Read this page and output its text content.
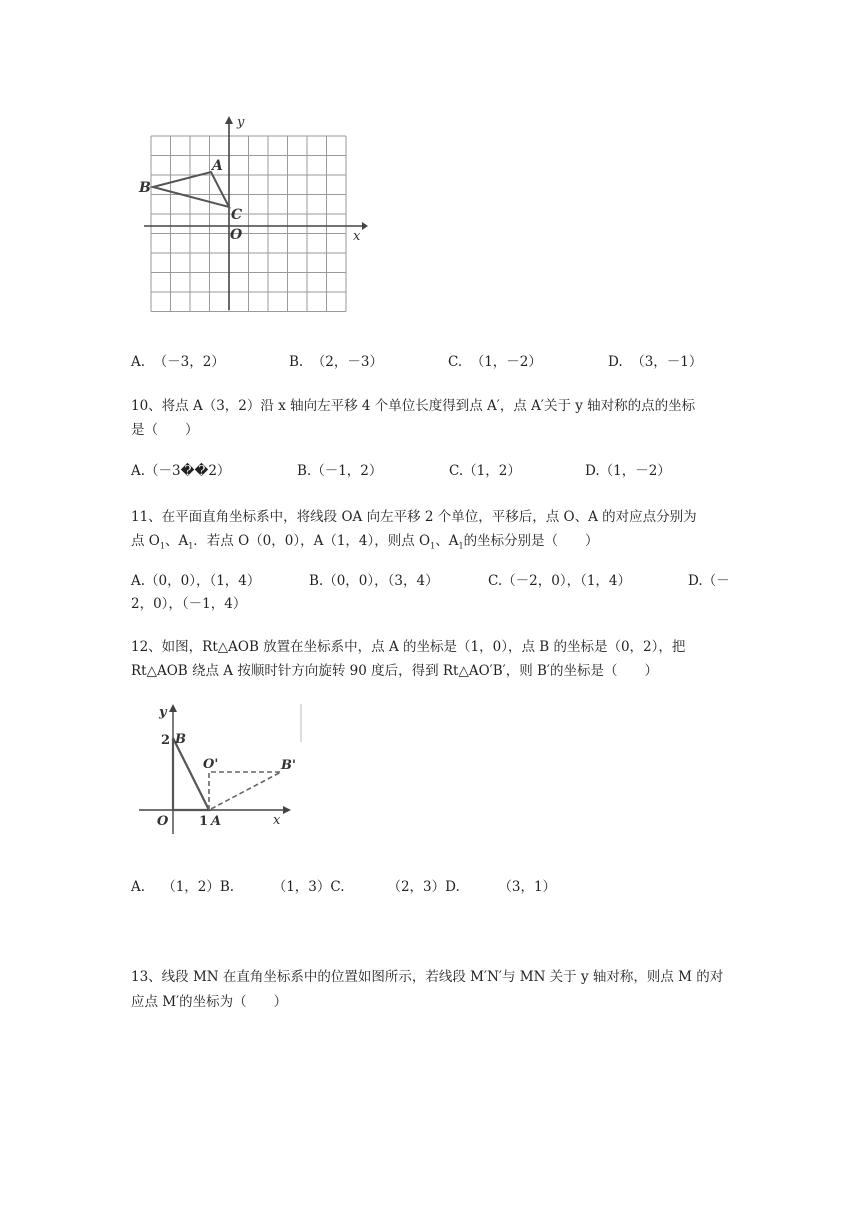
A
B
C
O	x
y
A.  （－3，2）	B.  （2，－3）	C.  （1，－2）	D.  （3，－1）
10、将点 A（3，2）沿 x 轴向左平移 4 个单位长度得到点 A′，点 A′关于 y 轴对称的点的坐标
是（　　）
A.（－3��2）	B.（－1，2）	C.（1，2）	D.（1，－2）
11、在平面直角坐标系中，将线段 OA 向左平移 2 个单位，平移后，点 O、A 的对应点分别为
点 $O_1$、$A_1$．若点 O（0，0），A（1，4），则点 $O_1$、$A_1$的坐标分别是（　　）
A.（0，0），（1，4）	B.（0，0），（3，4）	C.（－2，0），（1，4）	D.（－
2，0），（－1，4）
12、如图，Rt△AOB 放置在坐标系中，点 A 的坐标是（1，0），点 B 的坐标是（0，2），把
Rt△AOB 绕点 A 按顺时针方向旋转 90 度后，得到 Rt△AO′B′，则 B′的坐标是（　　）
y
2 B
O'	B'
O 1 A	x
A.    （1，2）B.         （1，3）C.          （2，3）D.         （3，1）
13、线段 MN 在直角坐标系中的位置如图所示，若线段 M′N′与 MN 关于 y 轴对称，则点 M 的对
应点 M′的坐标为（　　）
